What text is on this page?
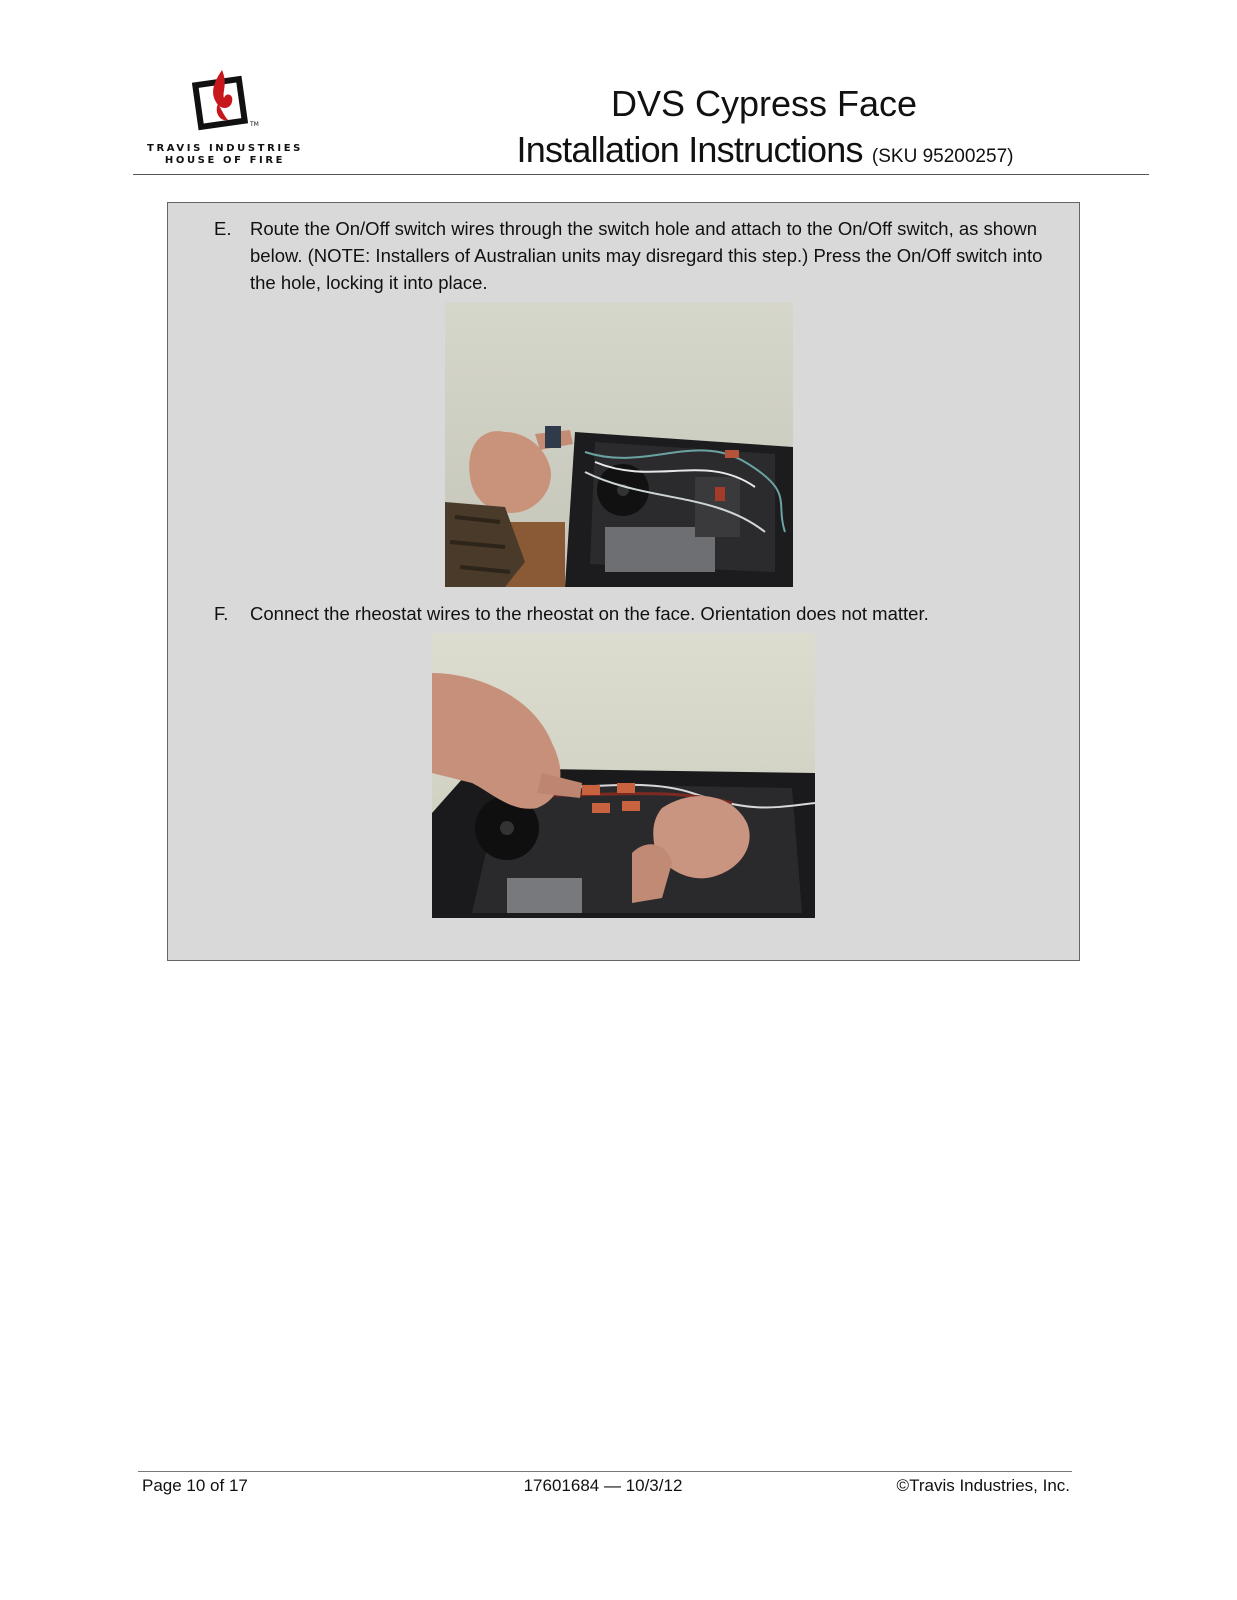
TM
TRAVIS INDUSTRIES
HOUSE OF FIRE
DVS Cypress Face
Installation Instructions (SKU 95200257)
E. Route the On/Off switch wires through the switch hole and attach to the On/Off switch, as shown below. (NOTE: Installers of Australian units may disregard this step.) Press the On/Off switch into the hole, locking it into place.
F. Connect the rheostat wires to the rheostat on the face. Orientation does not matter.
Page 10 of 17	17601684 — 10/3/12	©Travis Industries, Inc.
